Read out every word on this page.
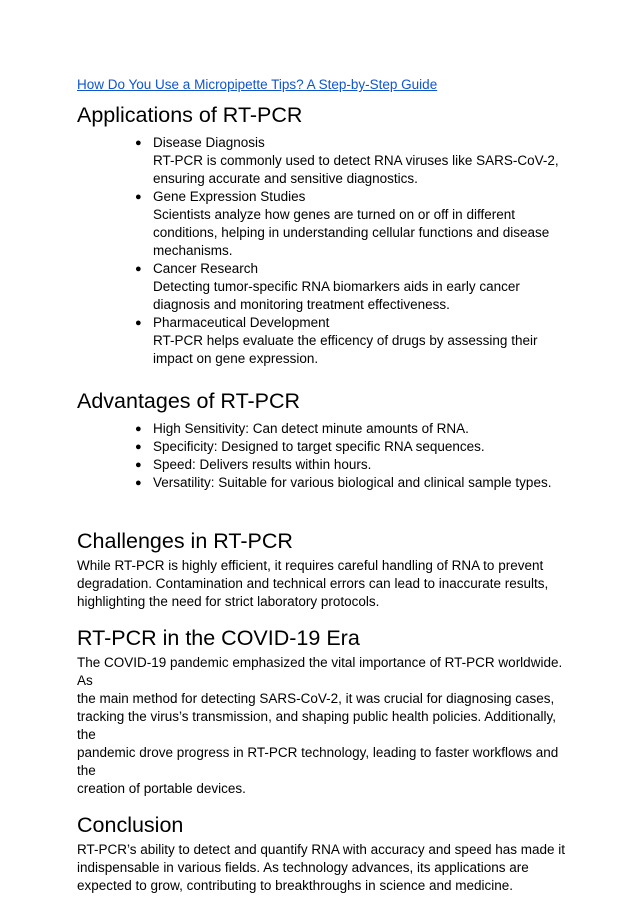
How Do You Use a Micropipette Tips? A Step-by-Step Guide
Applications of RT-PCR
● Disease Diagnosis
RT-PCR is commonly used to detect RNA viruses like SARS-CoV-2,
ensuring accurate and sensitive diagnostics.
● Gene Expression Studies
Scientists analyze how genes are turned on or off in different
conditions, helping in understanding cellular functions and disease
mechanisms.
● Cancer Research
Detecting tumor-specific RNA biomarkers aids in early cancer
diagnosis and monitoring treatment effectiveness.
● Pharmaceutical Development
RT-PCR helps evaluate the efficency of drugs by assessing their
impact on gene expression.
Advantages of RT-PCR
● High Sensitivity: Can detect minute amounts of RNA.
● Specificity: Designed to target specific RNA sequences.
● Speed: Delivers results within hours.
● Versatility: Suitable for various biological and clinical sample types.
Challenges in RT-PCR

While RT-PCR is highly efficient, it requires careful handling of RNA to prevent

degradation. Contamination and technical errors can lead to inaccurate results,

highlighting the need for strict laboratory protocols.

RT-PCR in the COVID-19 Era

The COVID-19 pandemic emphasized the vital importance of RT-PCR worldwide. As

the main method for detecting SARS-CoV-2, it was crucial for diagnosing cases,

tracking the virus’s transmission, and shaping public health policies. Additionally, the

pandemic drove progress in RT-PCR technology, leading to faster workflows and the

creation of portable devices.

Conclusion

RT-PCR’s ability to detect and quantify RNA with accuracy and speed has made it

indispensable in various fields. As technology advances, its applications are

expected to grow, contributing to breakthroughs in science and medicine.
